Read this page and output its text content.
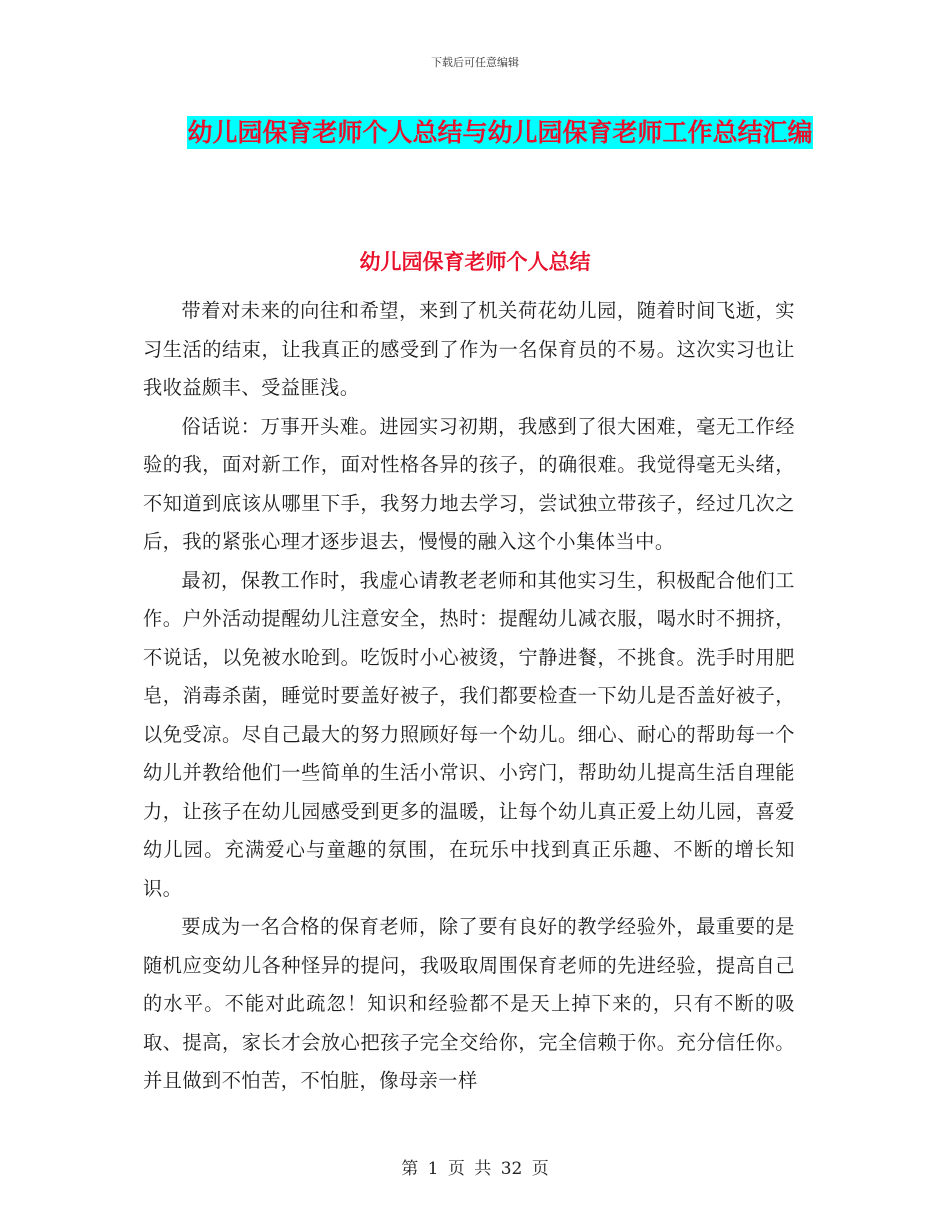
下载后可任意编辑
幼儿园保育老师个人总结与幼儿园保育老师工作总结汇编
幼儿园保育老师个人总结

带着对未来的向往和希望，来到了机关荷花幼儿园，随着时间飞逝，实习生活的结束，让我真正的感受到了作为一名保育员的不易。这次实习也让我收益颇丰、受益匪浅。

俗话说：万事开头难。进园实习初期，我感到了很大困难，毫无工作经验的我，面对新工作，面对性格各异的孩子，的确很难。我觉得毫无头绪，不知道到底该从哪里下手，我努力地去学习，尝试独立带孩子，经过几次之后，我的紧张心理才逐步退去，慢慢的融入这个小集体当中。

最初，保教工作时，我虚心请教老老师和其他实习生，积极配合他们工作。户外活动提醒幼儿注意安全，热时：提醒幼儿减衣服，喝水时不拥挤，不说话，以免被水呛到。吃饭时小心被烫，宁静进餐，不挑食。洗手时用肥皂，消毒杀菌，睡觉时要盖好被子，我们都要检查一下幼儿是否盖好被子，以免受凉。尽自己最大的努力照顾好每一个幼儿。细心、耐心的帮助每一个幼儿并教给他们一些简单的生活小常识、小窍门，帮助幼儿提高生活自理能力，让孩子在幼儿园感受到更多的温暖，让每个幼儿真正爱上幼儿园，喜爱幼儿园。充满爱心与童趣的氛围，在玩乐中找到真正乐趣、不断的增长知识。

要成为一名合格的保育老师，除了要有良好的教学经验外，最重要的是随机应变幼儿各种怪异的提问，我吸取周围保育老师的先进经验，提高自己的水平。不能对此疏忽！知识和经验都不是天上掉下来的，只有不断的吸取、提高，家长才会放心把孩子完全交给你，完全信赖于你。充分信任你。并且做到不怕苦，不怕脏，像母亲一样

第 1 页 共 32 页
